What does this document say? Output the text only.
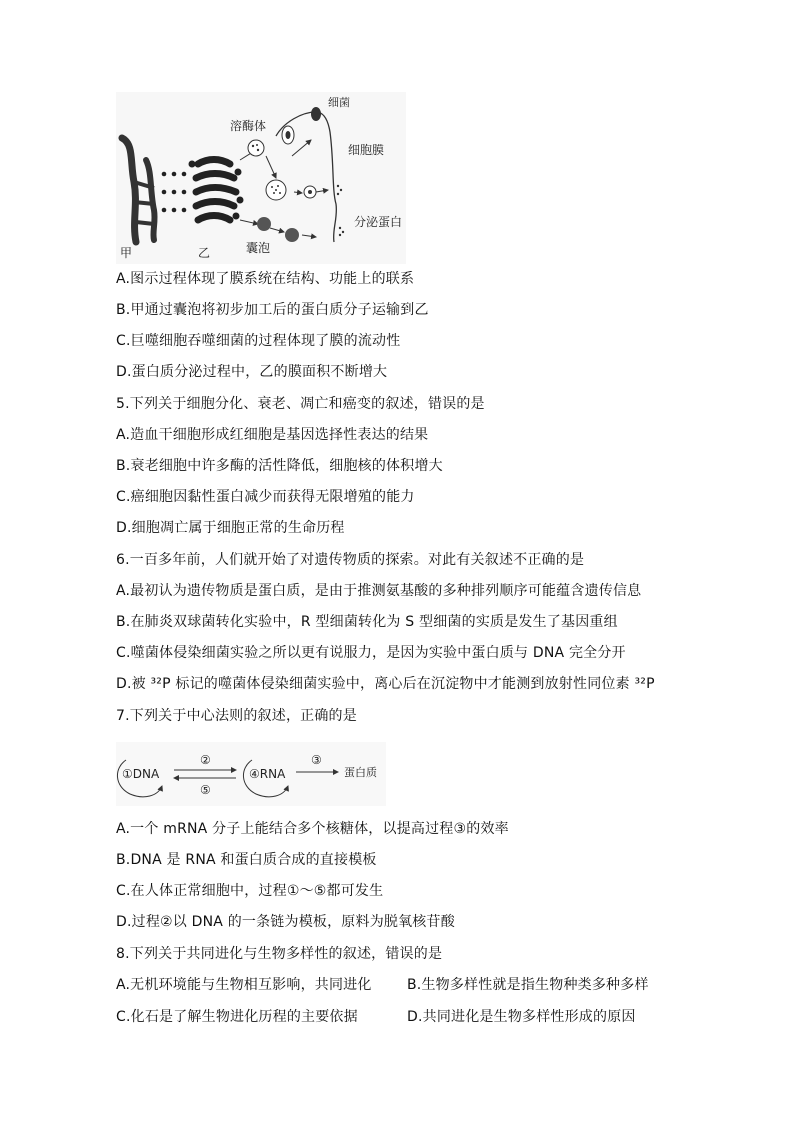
细菌
溶酶体
细胞膜
分泌蛋白
囊泡
甲	乙
A.图示过程体现了膜系统在结构、功能上的联系
B.甲通过囊泡将初步加工后的蛋白质分子运输到乙
C.巨噬细胞吞噬细菌的过程体现了膜的流动性
D.蛋白质分泌过程中，乙的膜面积不断增大
5.下列关于细胞分化、衰老、凋亡和癌变的叙述，错误的是
A.造血干细胞形成红细胞是基因选择性表达的结果
B.衰老细胞中许多酶的活性降低，细胞核的体积增大
C.癌细胞因黏性蛋白减少而获得无限增殖的能力
D.细胞凋亡属于细胞正常的生命历程
6.一百多年前，人们就开始了对遗传物质的探索。对此有关叙述不正确的是
A.最初认为遗传物质是蛋白质，是由于推测氨基酸的多种排列顺序可能蕴含遗传信息
B.在肺炎双球菌转化实验中，R 型细菌转化为 S 型细菌的实质是发生了基因重组
C.噬菌体侵染细菌实验之所以更有说服力，是因为实验中蛋白质与 DNA 完全分开
D.被 ³²P 标记的噬菌体侵染细菌实验中，离心后在沉淀物中才能测到放射性同位素 ³²P
7.下列关于中心法则的叙述，正确的是
①DNA
②
⑤
④RNA
③
蛋白质
A.一个 mRNA 分子上能结合多个核糖体，以提高过程③的效率
B.DNA 是 RNA 和蛋白质合成的直接模板
C.在人体正常细胞中，过程①～⑤都可发生
D.过程②以 DNA 的一条链为模板，原料为脱氧核苷酸
8.下列关于共同进化与生物多样性的叙述，错误的是
A.无机环境能与生物相互影响，共同进化	B.生物多样性就是指生物种类多种多样
C.化石是了解生物进化历程的主要依据	D.共同进化是生物多样性形成的原因
